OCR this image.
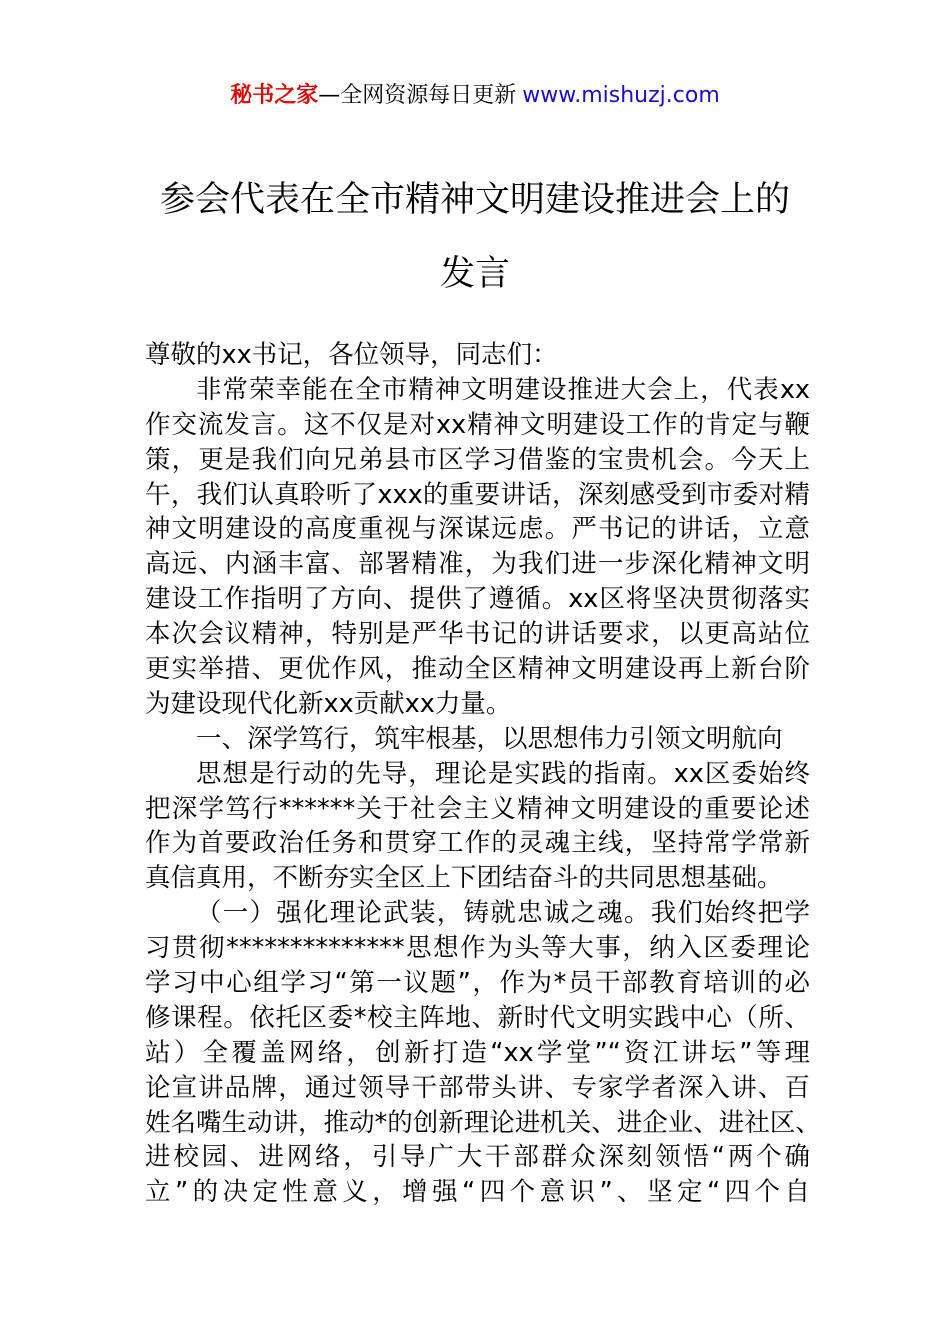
秘书之家—全网资源每日更新 www.mishuzj.com
参会代表在全市精神文明建设推进会上的
发言
尊敬的xx书记，各位领导，同志们：
非常荣幸能在全市精神文明建设推进大会上，代表xx
作交流发言。这不仅是对xx精神文明建设工作的肯定与鞭
策，更是我们向兄弟县市区学习借鉴的宝贵机会。今天上
午，我们认真聆听了xxx的重要讲话，深刻感受到市委对精
神文明建设的高度重视与深谋远虑。严书记的讲话，立意
高远、内涵丰富、部署精准，为我们进一步深化精神文明
建设工作指明了方向、提供了遵循。xx区将坚决贯彻落实
本次会议精神，特别是严华书记的讲话要求，以更高站位
更实举措、更优作风，推动全区精神文明建设再上新台阶
为建设现代化新xx贡献xx力量。
一、深学笃行，筑牢根基，以思想伟力引领文明航向
思想是行动的先导，理论是实践的指南。xx区委始终
把深学笃行******关于社会主义精神文明建设的重要论述
作为首要政治任务和贯穿工作的灵魂主线，坚持常学常新
真信真用，不断夯实全区上下团结奋斗的共同思想基础。
（一）强化理论武装，铸就忠诚之魂。我们始终把学
习贯彻**************思想作为头等大事，纳入区委理论
学习中心组学习“第一议题”，作为*员干部教育培训的必
修课程。依托区委*校主阵地、新时代文明实践中心（所、
站）全覆盖网络，创新打造“xx学堂”“资江讲坛”等理
论宣讲品牌，通过领导干部带头讲、专家学者深入讲、百
姓名嘴生动讲，推动*的创新理论进机关、进企业、进社区、
进校园、进网络，引导广大干部群众深刻领悟“两个确
立”的决定性意义，增强“四个意识”、坚定“四个自
